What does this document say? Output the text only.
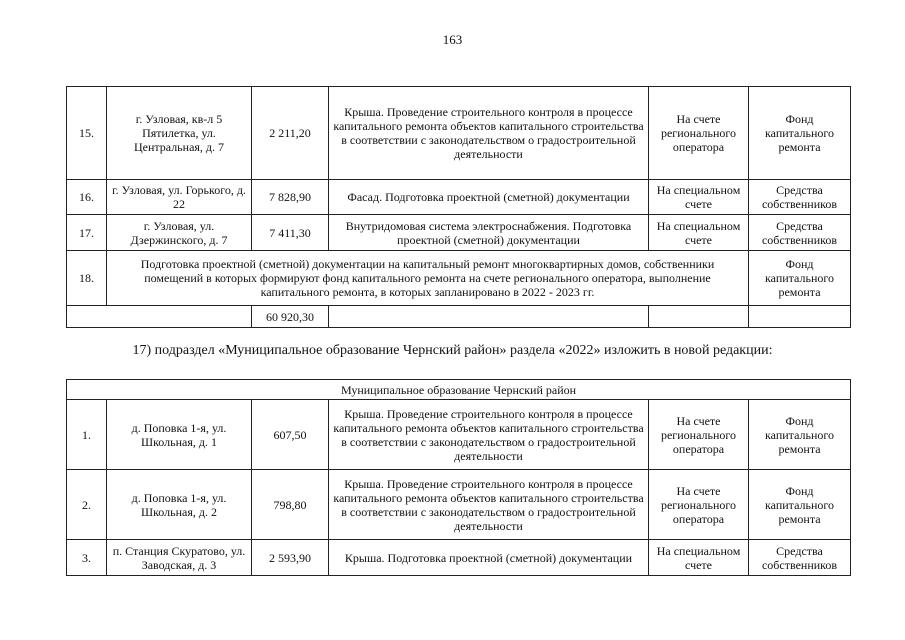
163
15.	г. Узловая, кв-л 5 Пятилетка, ул. Центральная, д. 7	2 211,20	Крыша. Проведение строительного контроля в процессе капитального ремонта объектов капитального строительства в соответствии с законодательством о градостроительной деятельности	На счете регионального оператора	Фонд капитального ремонта
16.	г. Узловая, ул. Горького, д. 22	7 828,90	Фасад. Подготовка проектной (сметной) документации	На специальном счете	Средства собственников
17.	г. Узловая, ул. Дзержинского, д. 7	7 411,30	Внутридомовая система электроснабжения. Подготовка проектной (сметной) документации	На специальном счете	Средства собственников
18.	Подготовка проектной (сметной) документации на капитальный ремонт многоквартирных домов, собственники помещений в которых формируют фонд капитального ремонта на счете регионального оператора, выполнение капитального ремонта, в которых запланировано в 2022 - 2023 гг.				Фонд капитального ремонта
		60 920,30			
17) подраздел «Муниципальное образование Чернский район» раздела «2022» изложить в новой редакции:
Муниципальное образование Чернский район					
1.	д. Поповка 1-я, ул. Школьная, д. 1	607,50	Крыша. Проведение строительного контроля в процессе капитального ремонта объектов капитального строительства в соответствии с законодательством о градостроительной деятельности	На счете регионального оператора	Фонд капитального ремонта
2.	д. Поповка 1-я, ул. Школьная, д. 2	798,80	Крыша. Проведение строительного контроля в процессе капитального ремонта объектов капитального строительства в соответствии с законодательством о градостроительной деятельности	На счете регионального оператора	Фонд капитального ремонта
3.	п. Станция Скуратово, ул. Заводская, д. 3	2 593,90	Крыша. Подготовка проектной (сметной) документации	На специальном счете	Средства собственников
